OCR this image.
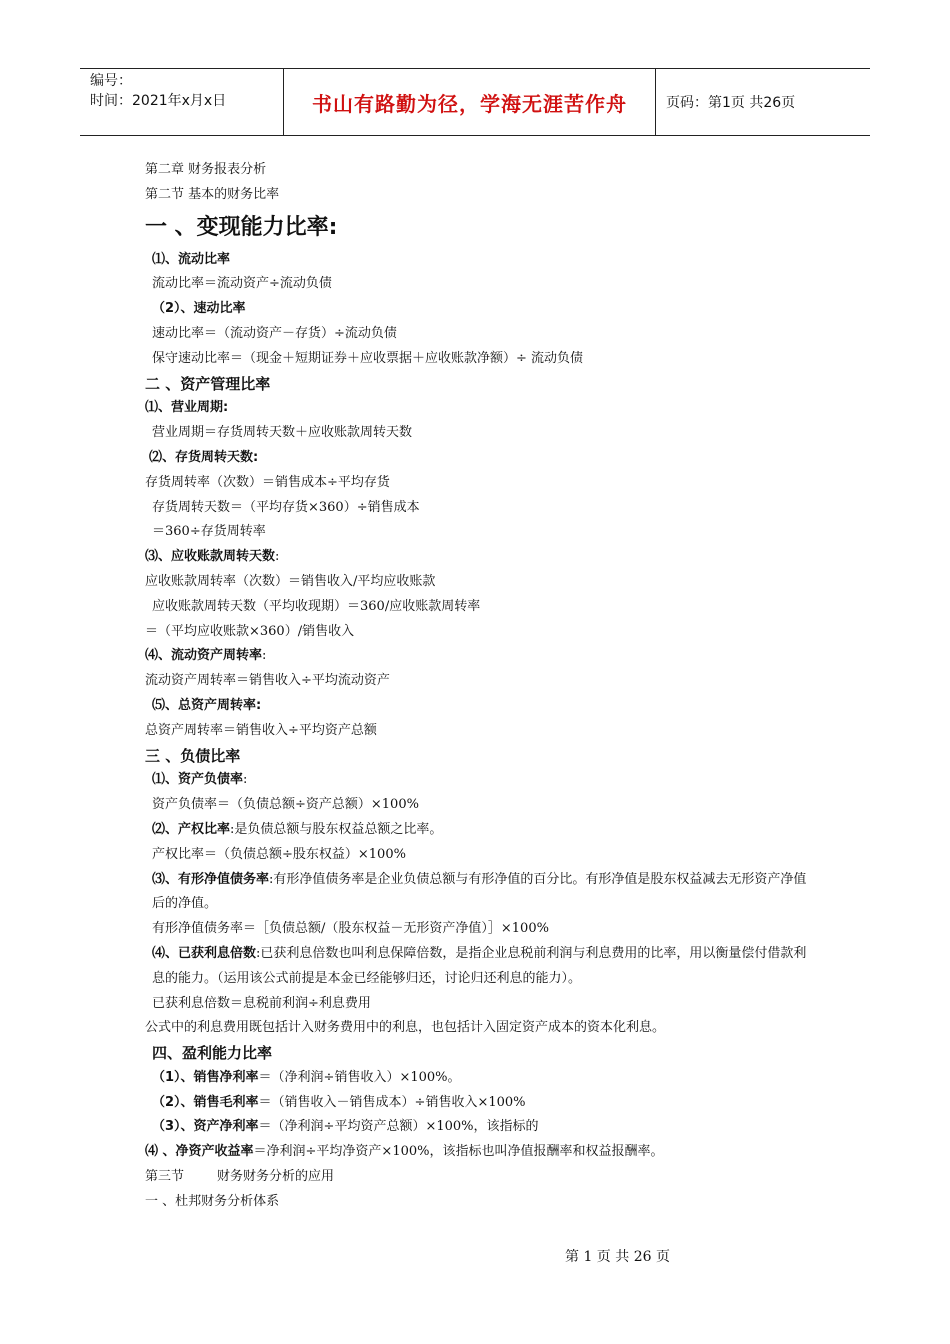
编号：
时间：2021年x月x日	书山有路勤为径，学海无涯苦作舟	页码：第1页 共26页
第二章 财务报表分析
第二节 基本的财务比率
一 、变现能力比率:
⑴、流动比率
流动比率＝流动资产÷流动负债
（2）、速动比率
速动比率＝（流动资产－存货）÷流动负债
保守速动比率＝（现金＋短期证券＋应收票据＋应收账款净额）÷ 流动负债
二 、资产管理比率
⑴、营业周期:
营业周期＝存货周转天数＋应收账款周转天数
⑵、存货周转天数:
存货周转率（次数）＝销售成本÷平均存货
存货周转天数＝（平均存货×360）÷销售成本
＝360÷存货周转率
⑶、应收账款周转天数:
应收账款周转率（次数）＝销售收入/平均应收账款
应收账款周转天数（平均收现期）＝360/应收账款周转率
＝（平均应收账款×360）/销售收入
⑷、流动资产周转率:
流动资产周转率＝销售收入÷平均流动资产
⑸、总资产周转率:
总资产周转率＝销售收入÷平均资产总额
三 、负债比率
⑴、资产负债率:
资产负债率＝（负债总额÷资产总额）×100%
⑵、产权比率:是负债总额与股东权益总额之比率。
产权比率＝（负债总额÷股东权益）×100%
⑶、有形净值债务率:有形净值债务率是企业负债总额与有形净值的百分比。有形净值是股东权益减去无形资产净值后的净值。
有形净值债务率＝［负债总额/（股东权益－无形资产净值）］×100%
⑷、已获利息倍数:已获利息倍数也叫利息保障倍数，是指企业息税前利润与利息费用的比率，用以衡量偿付借款利息的能力。（运用该公式前提是本金已经能够归还，讨论归还利息的能力）。
已获利息倍数＝息税前利润÷利息费用
公式中的利息费用既包括计入财务费用中的利息，也包括计入固定资产成本的资本化利息。
四、盈利能力比率
（1）、销售净利率＝（净利润÷销售收入）×100%。
（2）、销售毛利率＝（销售收入－销售成本）÷销售收入×100%
（3）、资产净利率＝（净利润÷平均资产总额）×100%，该指标的
⑷ 、净资产收益率＝净利润÷平均净资产×100%，该指标也叫净值报酬率和权益报酬率。
第三节        财务财务分析的应用
一 、杜邦财务分析体系
第 1 页 共 26 页
